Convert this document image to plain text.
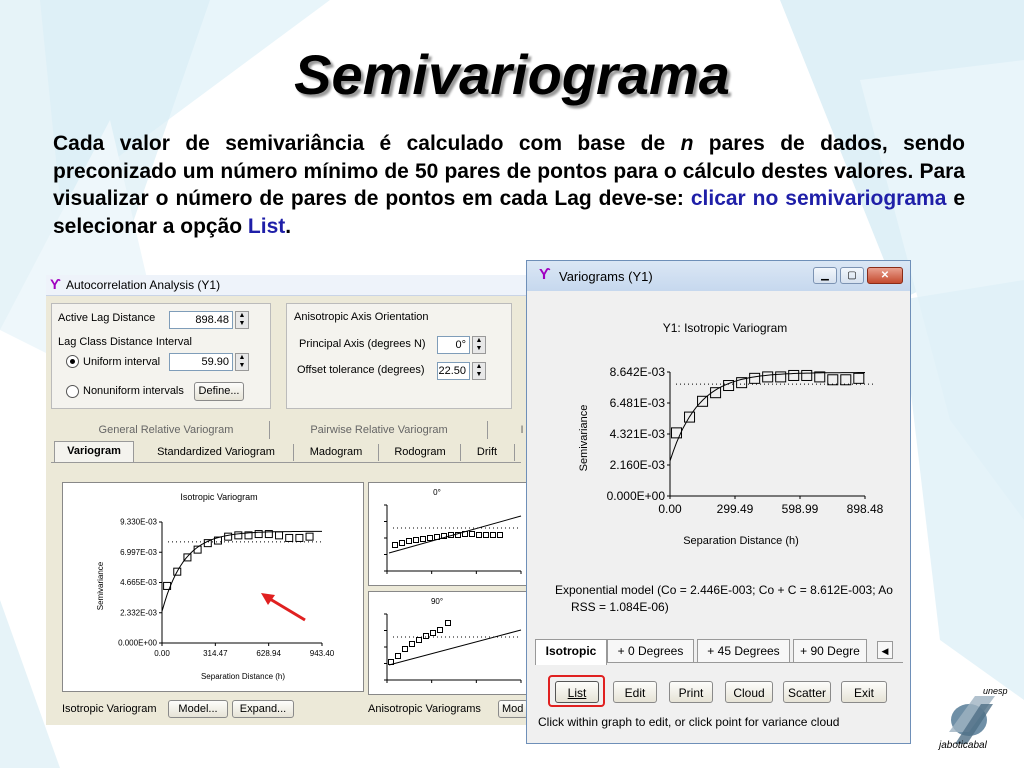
Semivariograma
Cada valor de semivariância é calculado com base de n pares de dados, sendo preconizado um número mínimo de 50 pares de pontos para o cálculo destes valores. Para visualizar o número de pares de pontos em cada Lag deve-se: clicar no semivariograma e selecionar a opção List.
ϒ Autocorrelation Analysis (Y1)
Active Lag Distance	898.48	▲
▼
Lag Class Distance Interval
Uniform interval	59.90	▲
▼
Nonuniform intervals	Define...
Anisotropic Axis Orientation
Principal Axis (degrees N)	0°	▲
▼
Offset tolerance (degrees) 22.50	▲
▼
General Relative Variogram	Pairwise Relative Variogram	I
Variogram	Standardized Variogram	Madogram	Rodogram	Drift
Isotropic Variogram
Semivariance
Separation Distance (h)
0.000E+00
2.332E-03
4.665E-03
6.997E-03
9.330E-03
0.00	314.47	628.94	943.40
0°
90°
Isotropic Variogram	Model...	Expand...	Anisotropic Variograms	Mod
ϒ Variograms (Y1)	▁	▢	✕
Y1: Isotropic Variogram
Semivariance
Separation Distance (h)
0.000E+00
2.160E-03
4.321E-03
6.481E-03
8.642E-03
0.00	299.49 598.99 898.48
Exponential model (Co = 2.446E-003; Co + C = 8.612E-003; Ao
RSS = 1.084E-06)
Isotropic	+ 0 Degrees	+ 45 Degrees	+ 90 Degre	◀
List	Edit	Print	Cloud	Scatter	Exit
Click within graph to edit, or click point for variance cloud
unesp
jaboticabal
